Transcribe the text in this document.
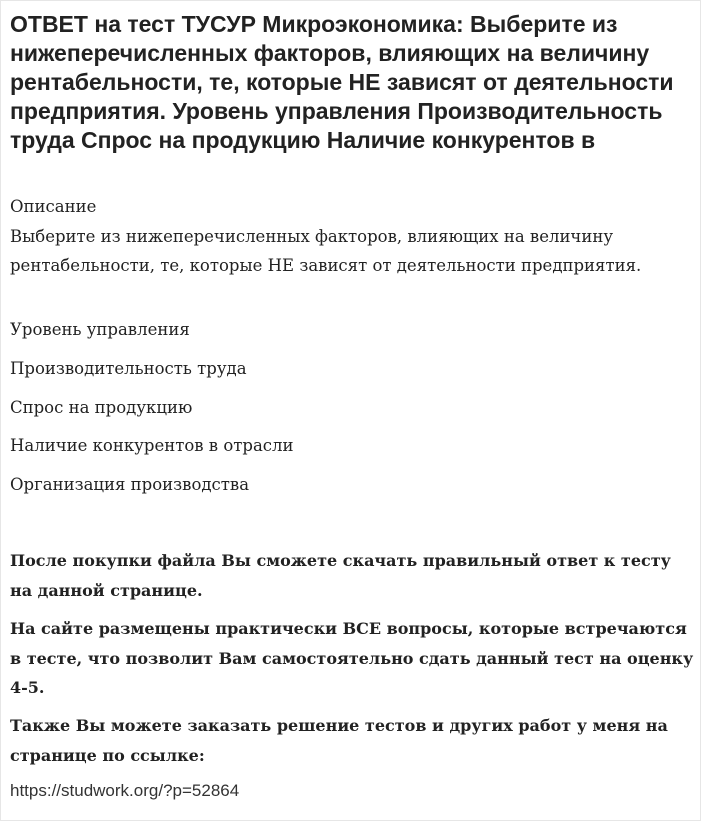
ОТВЕТ на тест ТУСУР Микроэкономика: Выберите из нижеперечисленных факторов, влияющих на величину рентабельности, те, которые НЕ зависят от деятельности предприятия. Уровень управления Производительность труда Спрос на продукцию Наличие конкурентов в
Описание

Выберите из нижеперечисленных факторов, влияющих на величину рентабельности, те, которые НЕ зависят от деятельности предприятия.

Уровень управления

Производительность труда

Спрос на продукцию

Наличие конкурентов в отрасли

Организация производства

После покупки файла Вы сможете скачать правильный ответ к тесту на данной странице.

На сайте размещены практически ВСЕ вопросы, которые встречаются в тесте, что позволит Вам самостоятельно сдать данный тест на оценку 4-5.

Также Вы можете заказать решение тестов и других работ у меня на странице по ссылке:

https://studwork.org/?p=52864
